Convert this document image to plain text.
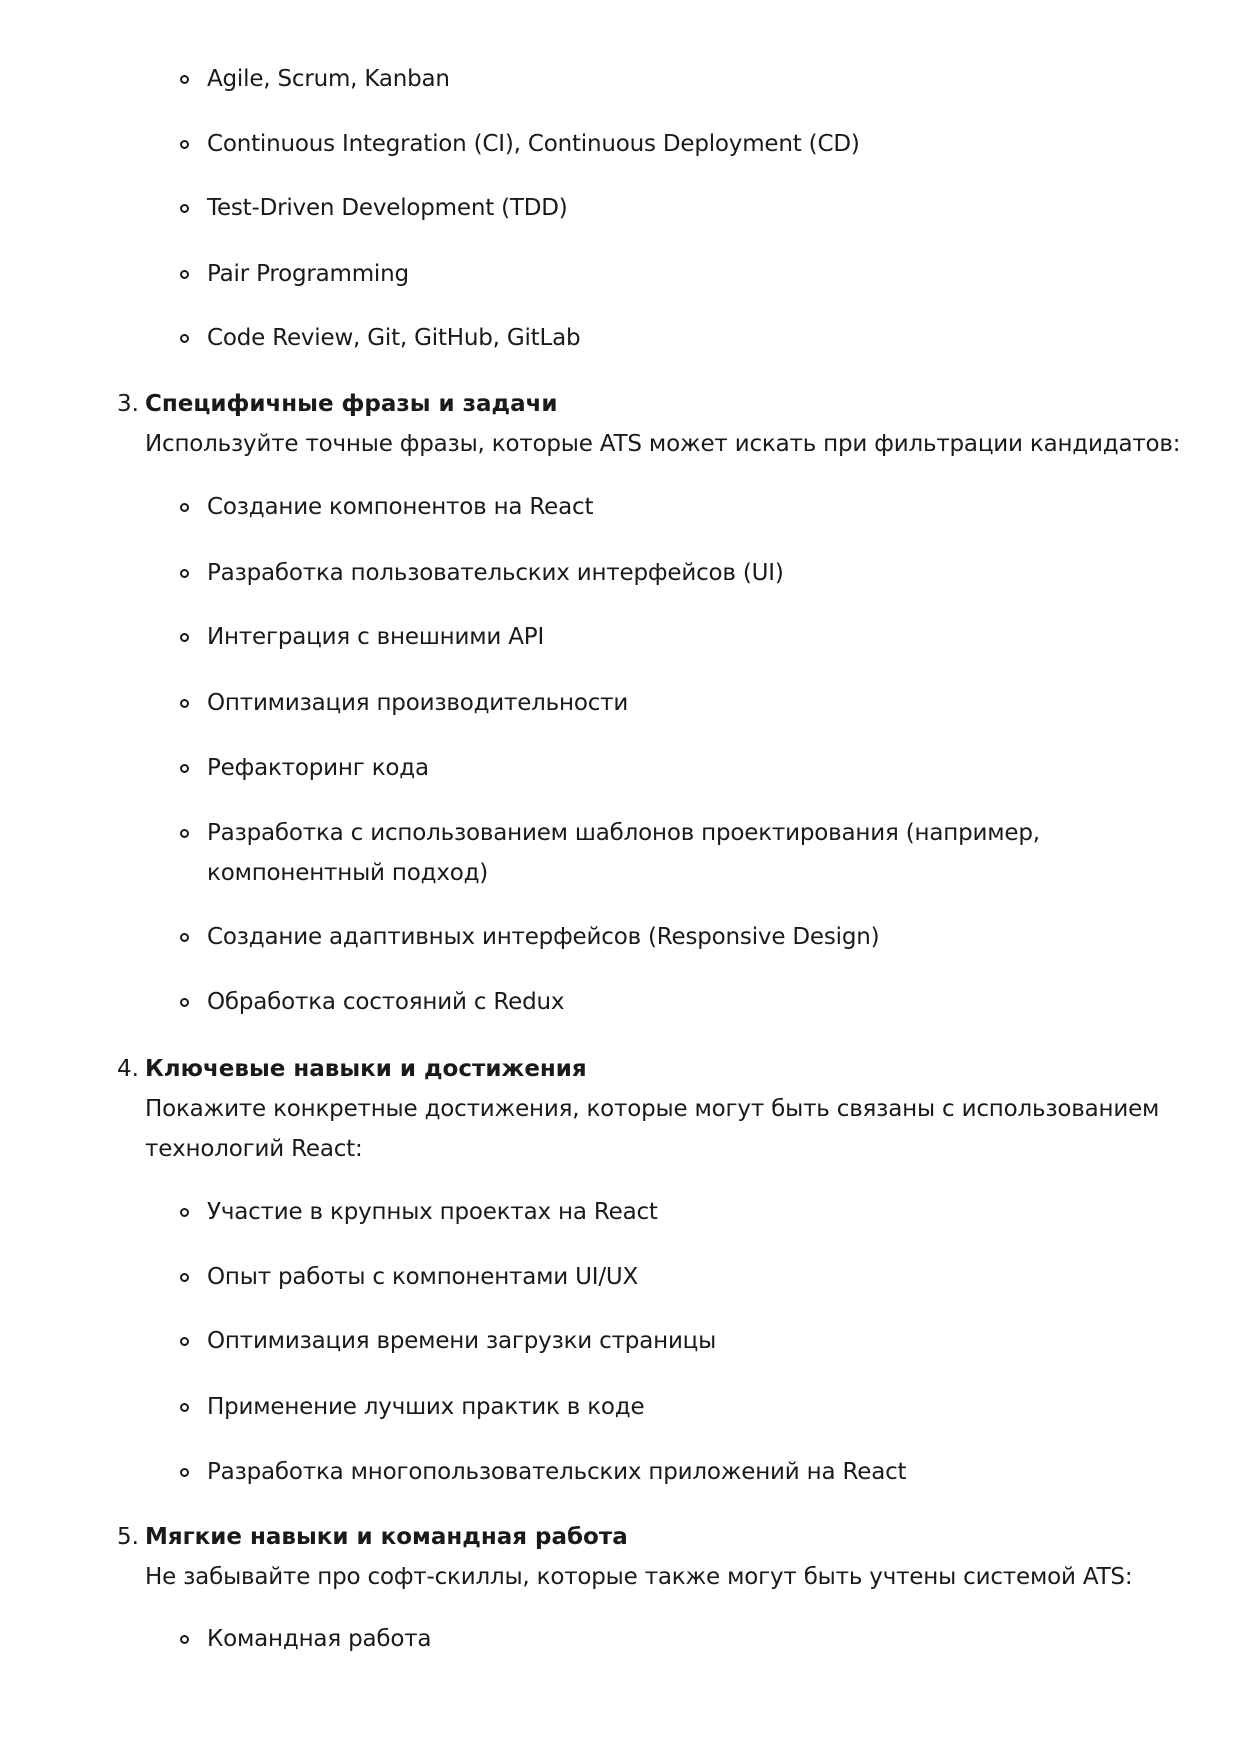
Agile, Scrum, Kanban
Continuous Integration (CI), Continuous Deployment (CD)
Test-Driven Development (TDD)
Pair Programming
Code Review, Git, GitHub, GitLab
3. Специфичные фразы и задачи
Используйте точные фразы, которые ATS может искать при фильтрации кандидатов:
Создание компонентов на React
Разработка пользовательских интерфейсов (UI)
Интеграция с внешними API
Оптимизация производительности
Рефакторинг кода
Разработка с использованием шаблонов проектирования (например,
компонентный подход)
Создание адаптивных интерфейсов (Responsive Design)
Обработка состояний с Redux
4. Ключевые навыки и достижения
Покажите конкретные достижения, которые могут быть связаны с использованием
технологий React:
Участие в крупных проектах на React
Опыт работы с компонентами UI/UX
Оптимизация времени загрузки страницы
Применение лучших практик в коде
Разработка многопользовательских приложений на React
5. Мягкие навыки и командная работа
Не забывайте про софт-скиллы, которые также могут быть учтены системой ATS:
Командная работа
